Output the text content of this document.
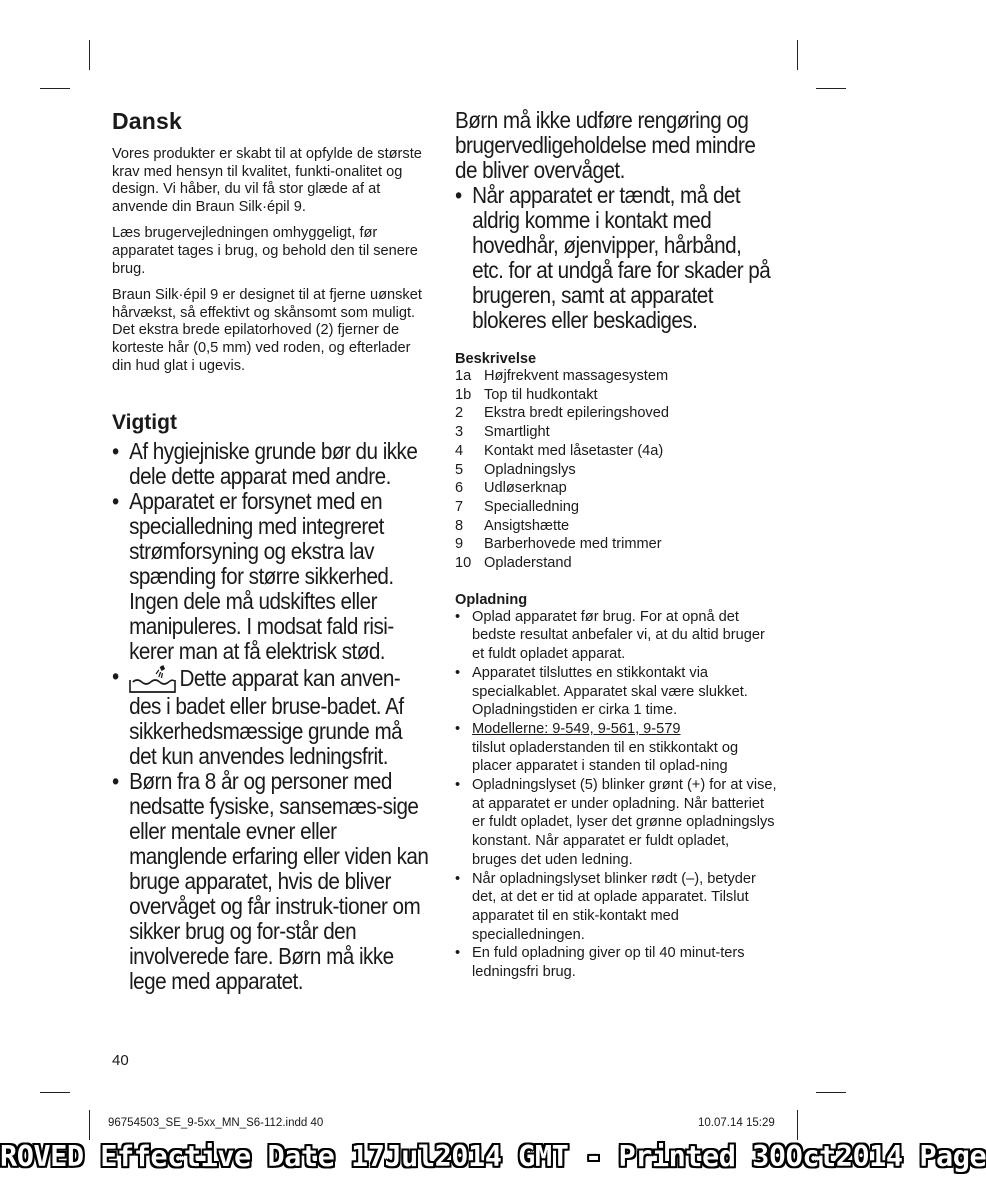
Dansk

Vores produkter er skabt til at opfylde de største krav med hensyn til kvalitet, funkti-onalitet og design. Vi håber, du vil få stor glæde af at anvende din Braun Silk·épil 9.

Læs brugervejledningen omhyggeligt, før apparatet tages i brug, og behold den til senere brug.

Braun Silk·épil 9 er designet til at fjerne uønsket hårvækst, så effektivt og skånsomt som muligt. Det ekstra brede epilatorhoved (2) fjerner de korteste hår (0,5 mm) ved roden, og efterlader din hud glat i ugevis.

Vigtigt
• Af hygiejniske grunde bør du ikke dele dette apparat med andre.

• Apparatet er forsynet med en specialledning med integreret strømforsyning og ekstra lav spænding for større sikkerhed. Ingen dele må udskiftes eller manipuleres. I modsat fald risi-kerer man at få elektrisk stød.

•	Dette apparat kan anven-des i badet eller bruse-badet. Af sikkerhedsmæssige grunde må det kun anvendes ledningsfrit.

• Børn fra 8 år og personer med nedsatte fysiske, sansemæs-sige eller mentale evner eller manglende erfaring eller viden kan bruge apparatet, hvis de bliver overvåget og får instruk-tioner om sikker brug og for-står den involverede fare. Børn må ikke lege med apparatet.

Børn må ikke udføre rengøring og brugervedligeholdelse med mindre de bliver overvåget.

• Når apparatet er tændt, må det aldrig komme i kontakt med hovedhår, øjenvipper, hårbånd, etc. for at undgå fare for skader på brugeren, samt at apparatet blokeres eller beskadiges.

Beskrivelse
1a Højfrekvent massagesystem
1b Top til hudkontakt
2	Ekstra bredt epileringshoved
3	Smartlight
4	Kontakt med låsetaster (4a)
5	Opladningslys
6	Udløserknap
7	Specialledning
8	Ansigtshætte
9	Barberhovede med trimmer
10 Opladerstand
Opladning
• Oplad apparatet før brug. For at opnå det bedste resultat anbefaler vi, at du altid bruger et fuldt opladet apparat.
• Apparatet tilsluttes en stikkontakt via specialkablet. Apparatet skal være slukket. Opladningstiden er cirka 1 time.
• Modellerne: 9-549, 9-561, 9-579
tilslut opladerstanden til en stikkontakt og placer apparatet i standen til oplad-ning
• Opladningslyset (5) blinker grønt (+) for at vise, at apparatet er under opladning. Når batteriet er fuldt opladet, lyser det grønne opladningslys konstant. Når apparatet er fuldt opladet, bruges det uden ledning.
• Når opladningslyset blinker rødt (–), betyder det, at det er tid at oplade apparatet. Tilslut apparatet til en stik-kontakt med specialledningen.
• En fuld opladning giver op til 40 minut-ters ledningsfri brug.
40
96754503_SE_9-5xx_MN_S6-112.indd 40	10.07.14 15:29
ROVED Effective Date 17Jul2014 GMT - Printed 30Oct2014 Page
